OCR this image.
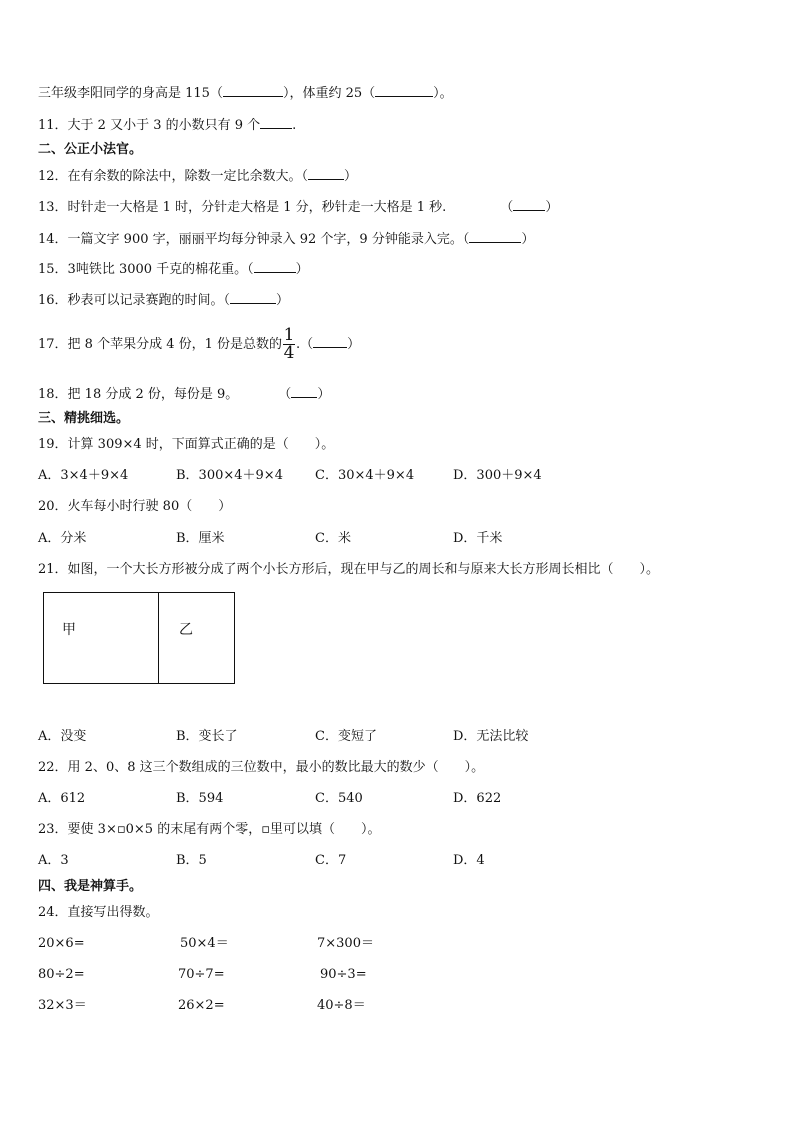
三年级李阳同学的身高是 115（	），体重约 25（	）。
11．大于 2 又小于 3 的小数只有 9 个 .
二、公正小法官。
12．在有余数的除法中，除数一定比余数大。（	）
13．时针走一大格是 1 时，分针走大格是 1 分，秒针走一大格是 1 秒.	（ ）
14．一篇文字 900 字，丽丽平均每分钟录入 92 个字，9 分钟能录入完。（	）
15．3吨铁比 3000 千克的棉花重。（	）
16．秒表可以记录赛跑的时间。（	）
17．把 8 个苹果分成 4 份，1 份是总数的 $\frac{1}{4}$ .（	）
18．把 18 分成 2 份，每份是 9。	（ ）
三、精挑细选。
19．计算 309×4 时，下面算式正确的是（　　）。
A．3×4＋9×4	B．300×4＋9×4 C．30×4＋9×4	D．300＋9×4
20．火车每小时行驶 80（　　）
A．分米	B．厘米	C．米	D．千米
21．如图，一个大长方形被分成了两个小长方形后，现在甲与乙的周长和与原来大长方形周长相比（　　）。
甲	乙
A．没变	B．变长了	C．变短了	D．无法比较
22．用 2、0、8 这三个数组成的三位数中，最小的数比最大的数少（　　）。
A．612	B．594	C．540	D．622
23．要使 3×▫0×5 的末尾有两个零，▫里可以填（　　）。
A．3	B．5	C．7	D．4
四、我是神算手。
24．直接写出得数。
20×6=	50×4＝	7×300＝
80÷2=	70÷7=	90÷3=
32×3＝	26×2=	40÷8＝
